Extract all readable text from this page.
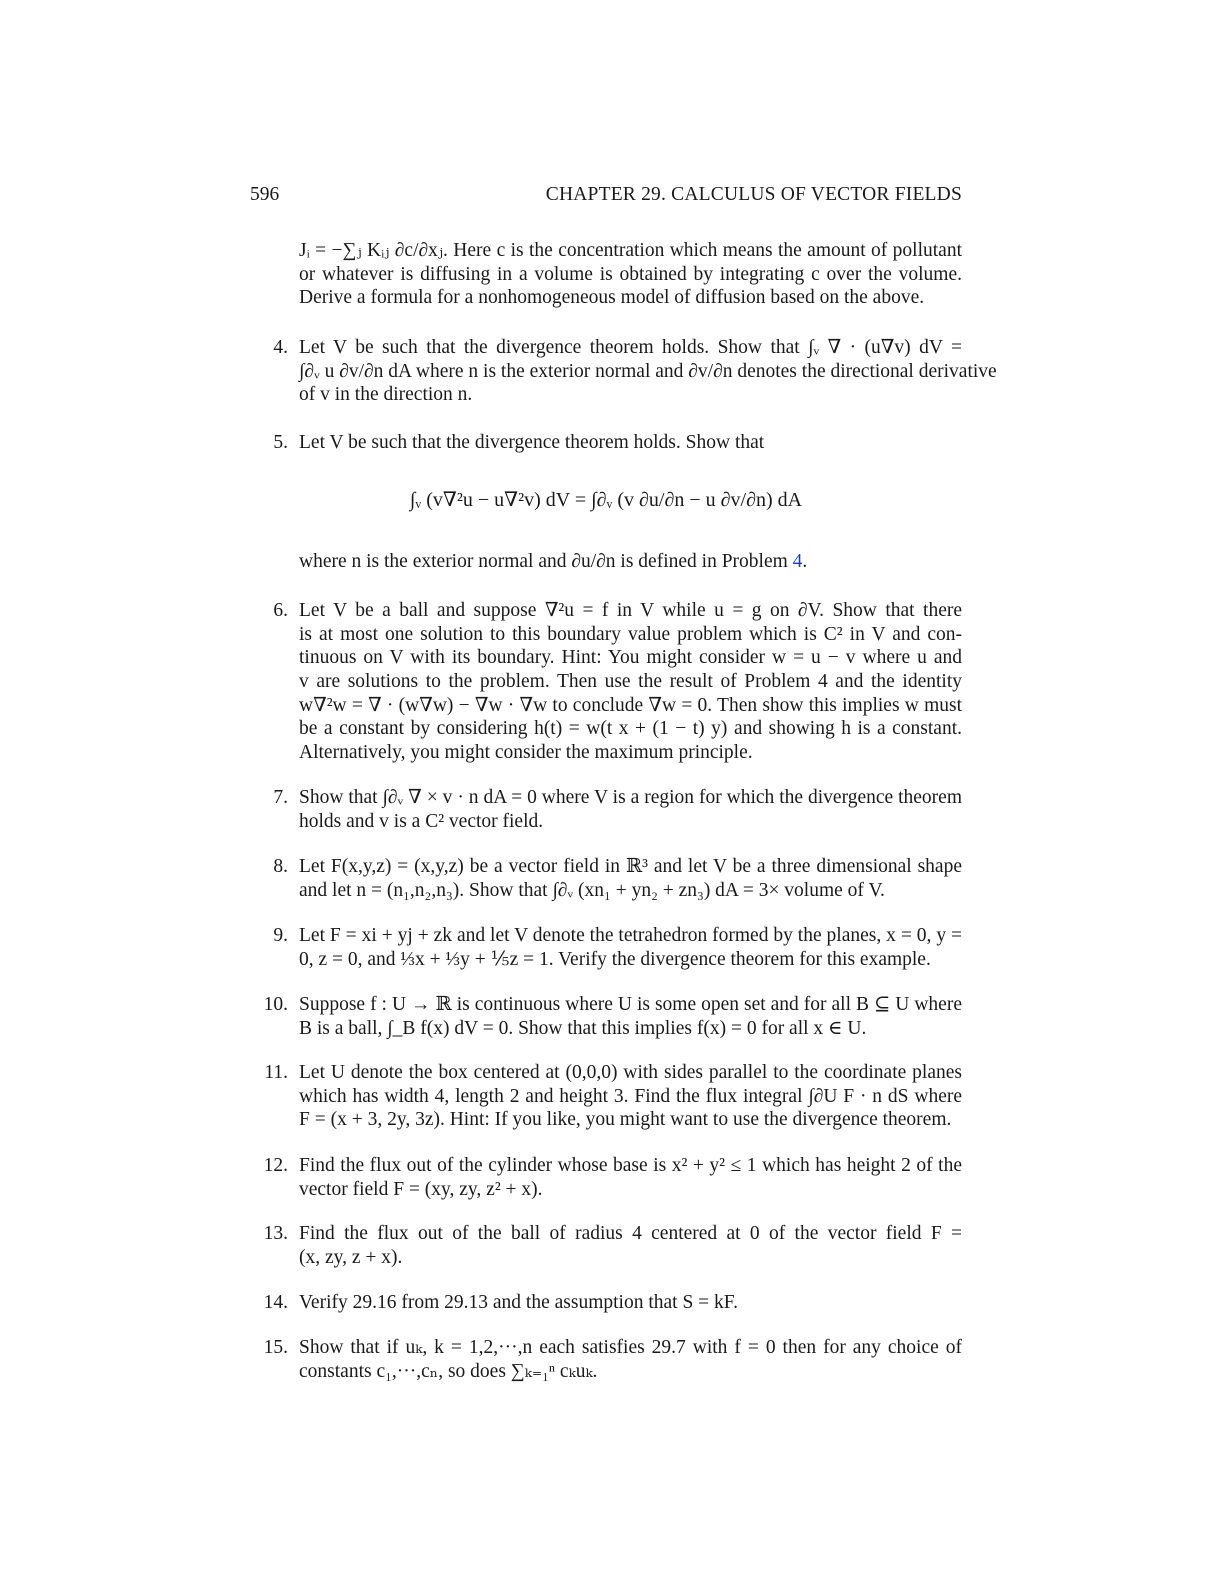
596	CHAPTER 29. CALCULUS OF VECTOR FIELDS
Jᵢ = −∑ⱼ Kᵢⱼ ∂c/∂xⱼ. Here c is the concentration which means the amount of pollutant
or whatever is diffusing in a volume is obtained by integrating c over the volume.
Derive a formula for a nonhomogeneous model of diffusion based on the above.
4. Let V be such that the divergence theorem holds. Show that ∫ᵥ ∇ · (u∇v) dV =
∫∂ᵥ u ∂v/∂n dA where n is the exterior normal and ∂v/∂n denotes the directional derivative
of v in the direction n.
5. Let V be such that the divergence theorem holds. Show that
∫ᵥ (v∇²u − u∇²v) dV = ∫∂ᵥ (v ∂u/∂n − u ∂v/∂n) dA
where n is the exterior normal and ∂u/∂n is defined in Problem 4.
6. Let V be a ball and suppose ∇²u = f in V while u = g on ∂V. Show that there
is at most one solution to this boundary value problem which is C² in V and con-
tinuous on V with its boundary. Hint: You might consider w = u − v where u and
v are solutions to the problem. Then use the result of Problem 4 and the identity
w∇²w = ∇ · (w∇w) − ∇w · ∇w to conclude ∇w = 0. Then show this implies w must
be a constant by considering h(t) = w(t x + (1 − t) y) and showing h is a constant.
Alternatively, you might consider the maximum principle.
7. Show that ∫∂ᵥ ∇ × v · n dA = 0 where V is a region for which the divergence theorem
holds and v is a C² vector field.
8. Let F(x,y,z) = (x,y,z) be a vector field in ℝ³ and let V be a three dimensional shape
and let n = (n₁,n₂,n₃). Show that ∫∂ᵥ (xn₁ + yn₂ + zn₃) dA = 3× volume of V.
9. Let F = xi + yj + zk and let V denote the tetrahedron formed by the planes, x = 0, y =
0, z = 0, and ⅓x + ⅓y + ⅕z = 1. Verify the divergence theorem for this example.
10. Suppose f : U → ℝ is continuous where U is some open set and for all B ⊆ U where
B is a ball, ∫_B f(x) dV = 0. Show that this implies f(x) = 0 for all x ∈ U.
11. Let U denote the box centered at (0,0,0) with sides parallel to the coordinate planes
which has width 4, length 2 and height 3. Find the flux integral ∫∂U F · n dS where
F = (x + 3, 2y, 3z). Hint: If you like, you might want to use the divergence theorem.
12. Find the flux out of the cylinder whose base is x² + y² ≤ 1 which has height 2 of the
vector field F = (xy, zy, z² + x).
13. Find the flux out of the ball of radius 4 centered at 0 of the vector field F =
(x, zy, z + x).
14. Verify 29.16 from 29.13 and the assumption that S = kF.
15. Show that if uₖ, k = 1,2,···,n each satisfies 29.7 with f = 0 then for any choice of
constants c₁,···,cₙ, so does ∑ₖ₌₁ⁿ cₖuₖ.
